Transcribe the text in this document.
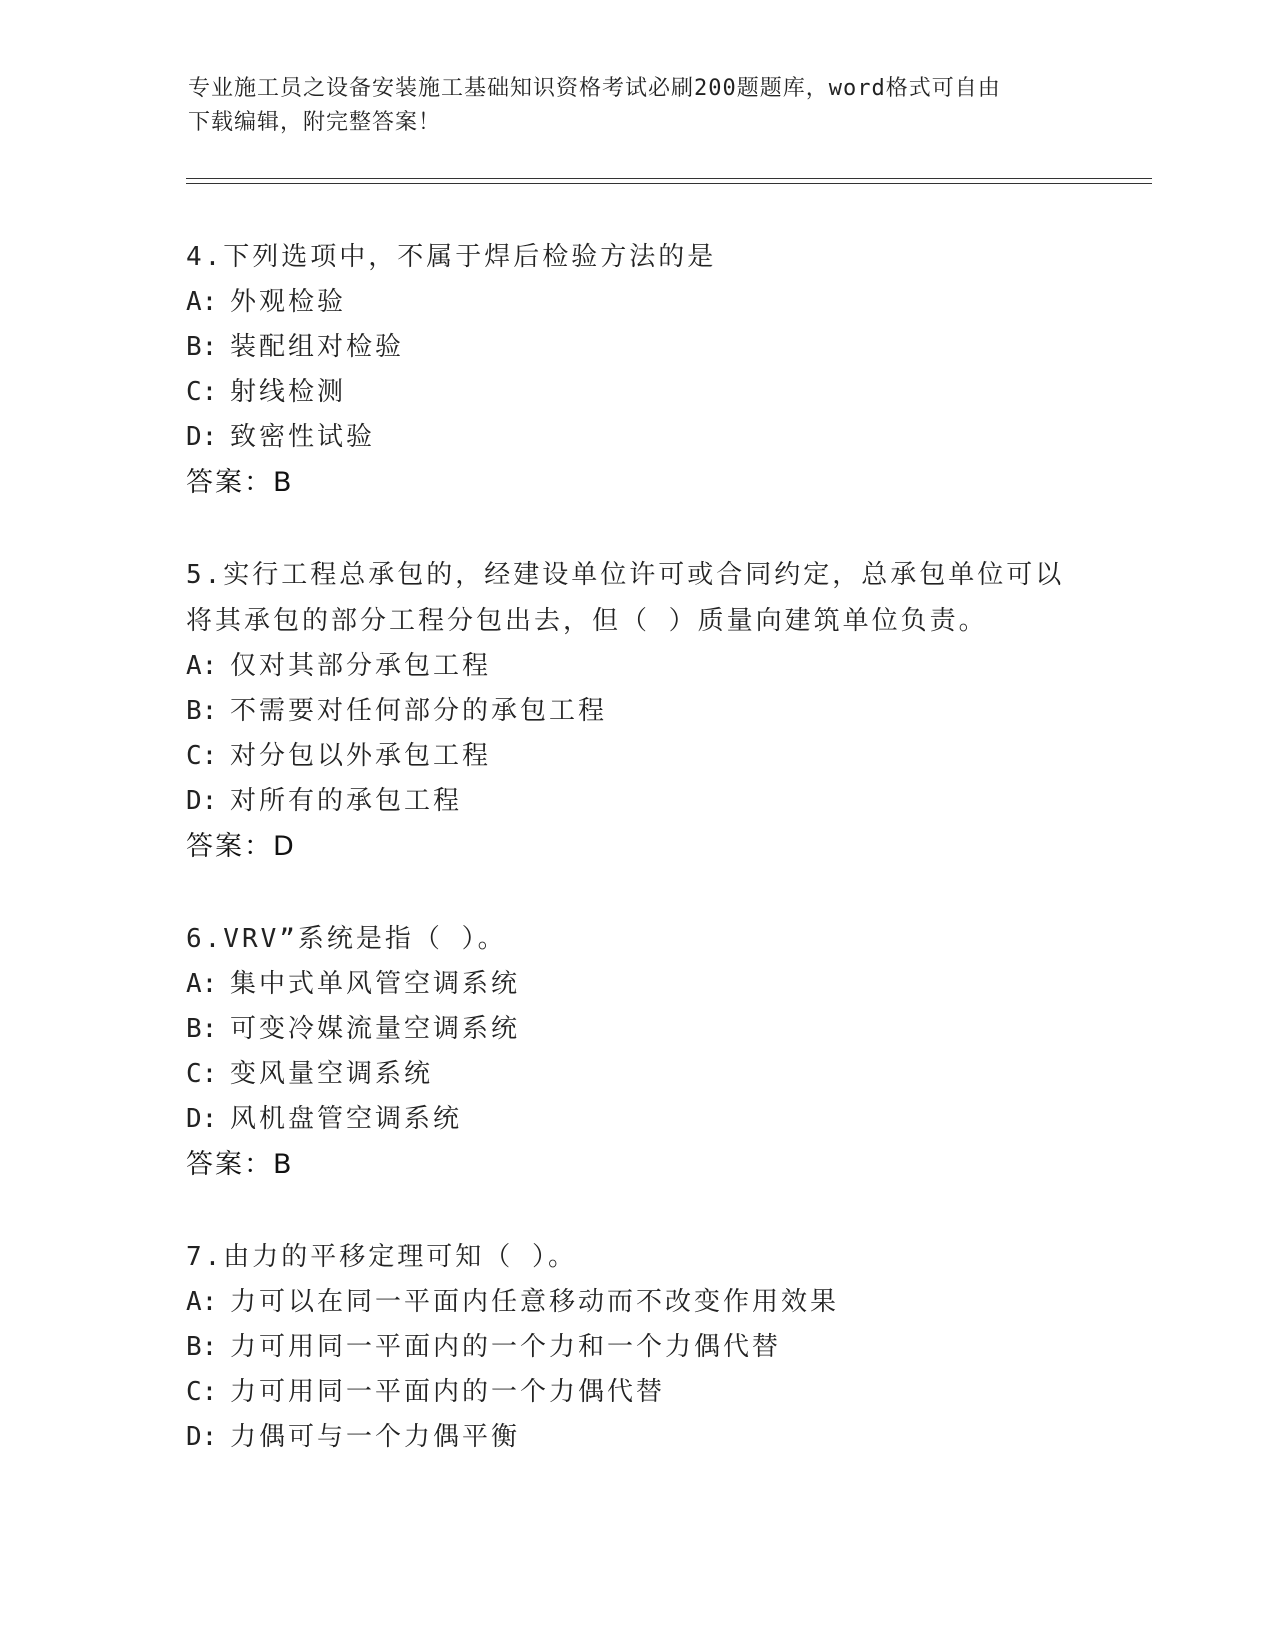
专业施工员之设备安装施工基础知识资格考试必刷200题题库，word格式可自由
下载编辑，附完整答案！
4.下列选项中，不属于焊后检验方法的是
A: 外观检验
B: 装配组对检验
C: 射线检测
D: 致密性试验
答案：B
5.实行工程总承包的，经建设单位许可或合同约定，总承包单位可以
将其承包的部分工程分包出去，但（ ）质量向建筑单位负责。
A: 仅对其部分承包工程
B: 不需要对任何部分的承包工程
C: 对分包以外承包工程
D: 对所有的承包工程
答案：D
6.VRV”系统是指（ ）。
A: 集中式单风管空调系统
B: 可变冷媒流量空调系统
C: 变风量空调系统
D: 风机盘管空调系统
答案：B
7.由力的平移定理可知（ ）。
A: 力可以在同一平面内任意移动而不改变作用效果
B: 力可用同一平面内的一个力和一个力偶代替
C: 力可用同一平面内的一个力偶代替
D: 力偶可与一个力偶平衡
